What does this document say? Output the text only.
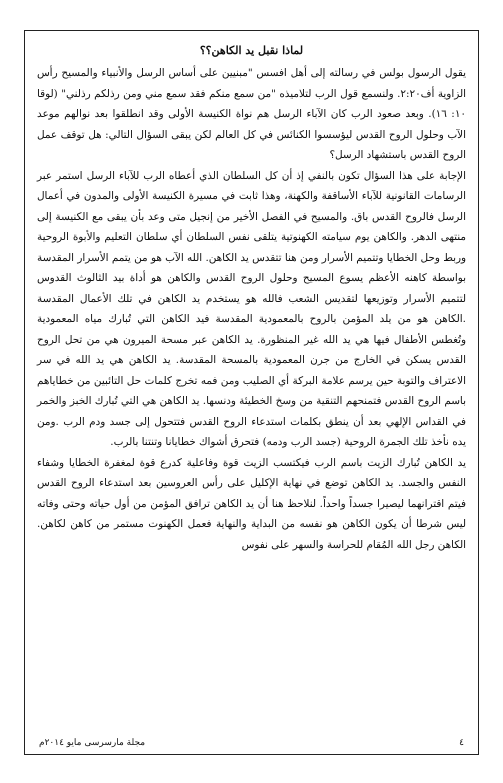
لماذا نقبل يد الكاهن؟؟

يقول الرسول بولس في رسالته إلى أهل افسس "مبنيين على أساس الرسل والأنبياء والمسيح رأس الزاوية أف٢:٢٠. ولنسمع قول الرب لتلاميذه "من سمع منكم فقد سمع مني ومن رذلكم رذلني" (لوقا ١٠: ١٦). وبعد صعود الرب كان الآباء الرسل هم نواة الكنيسة الأولى وقد انطلقوا بعد نوالهم موعد الآب وحلول الروح القدس ليؤسسوا الكنائس في كل العالم لكن يبقى السؤال التالي: هل توقف عمل الروح القدس باستشهاد الرسل؟

الإجابة على هذا السؤال تكون بالنفي إذ أن كل السلطان الذي أعطاه الرب للآباء الرسل استمر عبر الرسامات القانونية للآباء الأساقفة والكهنة، وهذا ثابت في مسيرة الكنيسة الأولى والمدون في أعمال الرسل فالروح القدس باق. والمسيح في الفصل الأخير من إنجيل متى وعد بأن يبقى مع الكنيسة إلى منتهى الدهر. والكاهن يوم سيامته الكهنوتية يتلقى نفس السلطان أي سلطان التعليم والأبوة الروحية وربط وحل الخطايا وتتميم الأسرار ومن هنا تتقدس يد الكاهن. الله الآب هو من يتمم الأسرار المقدسة بواسطة كاهنه الأعظم يسوع المسيح وحلول الروح القدس والكاهن هو أداة بيد الثالوث القدوس لتتميم الأسرار وتوزيعها لتقديس الشعب فالله هو يستخدم يد الكاهن في تلك الأعمال المقدسة .الكاهن هو من يلد المؤمن بالروح بالمعمودية المقدسة فيد الكاهن التي تُبارك مياه المعمودية وتُغطس الأطفال فيها هي يد الله غير المنظورة. يد الكاهن عبر مسحة الميرون هي من تحل الروح القدس يسكن في الخارج من جرن المعمودية بالمسحة المقدسة. يد الكاهن هي يد الله في سر الاعتراف والتوبة حين يرسم علامة البركة أي الصليب ومن فمه تخرج كلمات حل التائبين من خطاياهم باسم الروح القدس فتمنحهم التنقية من وسخ الخطيئة ودنسها. يد الكاهن هي التي تُبارك الخبز والخمر في القداس الإلهي بعد أن ينطق بكلمات استدعاء الروح القدس فتتحول إلى جسد ودم الرب .ومن يده نأخذ تلك الجمرة الروحية (جسد الرب ودمه) فتحرق أشواك خطايانا وتنتنا بالرب.

يد الكاهن تُبارك الزيت باسم الرب فيكتسب الزيت قوة وفاعلية كدرع قوة لمغفرة الخطايا وشفاء النفس والجسد. يد الكاهن توضع في نهاية الإكليل على رأس العروسين بعد استدعاء الروح القدس فيتم اقترانهما ليصيرا جسداً واحداً. لنلاحظ هنا أن يد الكاهن ترافق المؤمن من أول حياته وحتى وفاته ليس شرطا أن يكون الكاهن هو نفسه من البداية والنهاية فعمل الكهنوت مستمر من كاهن لكاهن. الكاهن رجل الله المُقام للحراسة والسهر على نفوس

٤
مجلة مارسرسى مايو ٢٠١٤م
